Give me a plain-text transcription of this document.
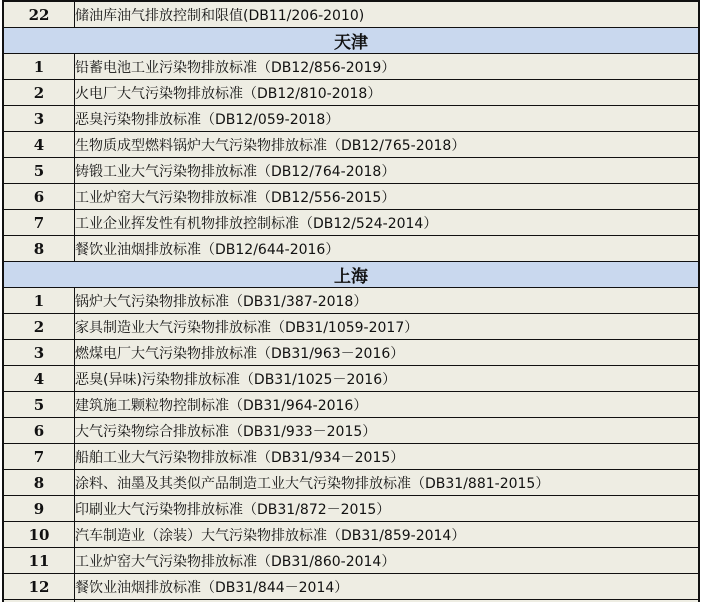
22	储油库油气排放控制和限值(DB11/206-2010)
天津	
1	铅蓄电池工业污染物排放标准（DB12/856-2019）
2	火电厂大气污染物排放标准（DB12/810-2018）
3	恶臭污染物排放标准（DB12/059-2018）
4	生物质成型燃料锅炉大气污染物排放标准（DB12/765-2018）
5	铸锻工业大气污染物排放标准（DB12/764-2018）
6	工业炉窑大气污染物排放标准（DB12/556-2015）
7	工业企业挥发性有机物排放控制标准（DB12/524-2014）
8	餐饮业油烟排放标准（DB12/644-2016）
上海	
1	锅炉大气污染物排放标准（DB31/387-2018）
2	家具制造业大气污染物排放标准（DB31/1059-2017）
3	燃煤电厂大气污染物排放标准（DB31/963－2016）
4	恶臭(异味)污染物排放标准（DB31/1025－2016）
5	建筑施工颗粒物控制标准（DB31/964-2016）
6	大气污染物综合排放标准（DB31/933－2015）
7	船舶工业大气污染物排放标准（DB31/934－2015）
8	涂料、油墨及其类似产品制造工业大气污染物排放标准（DB31/881-2015）
9	印刷业大气污染物排放标准（DB31/872－2015）
10	汽车制造业（涂装）大气污染物排放标准（DB31/859-2014）
11	工业炉窑大气污染物排放标准（DB31/860-2014）
12	餐饮业油烟排放标准（DB31/844－2014）
